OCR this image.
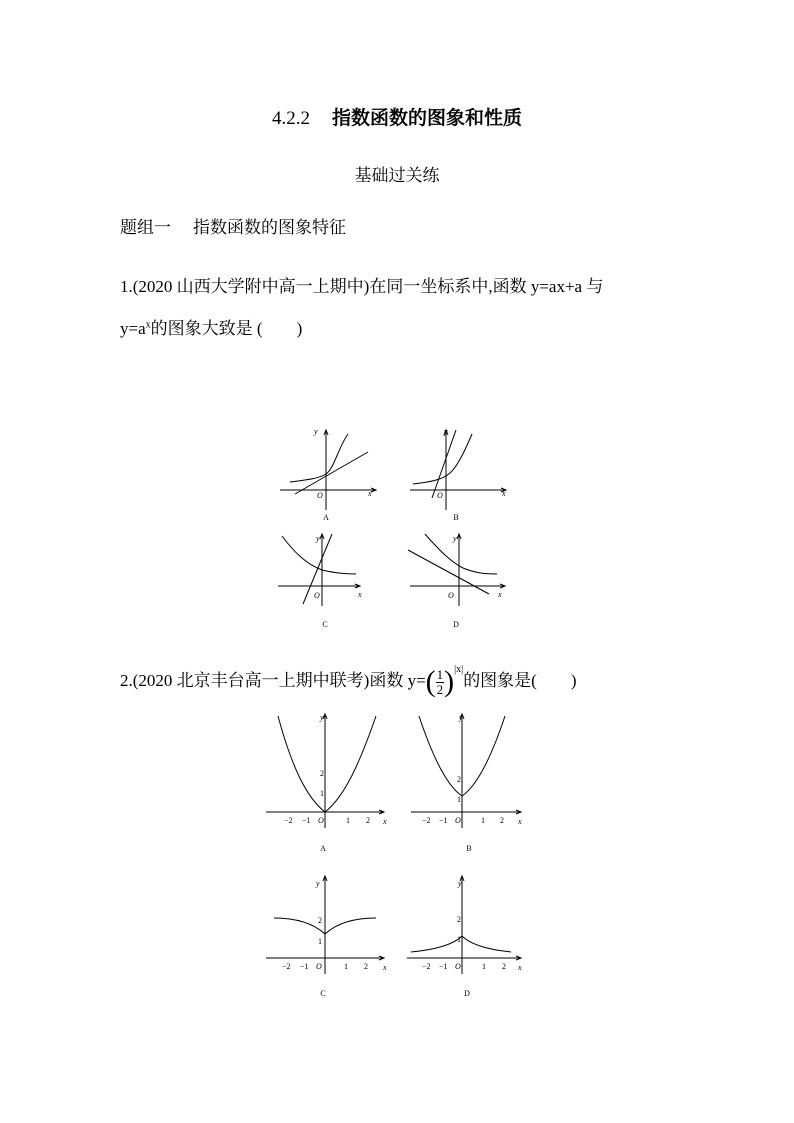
4.2.2 指数函数的图象和性质
基础过关练
题组一 指数函数的图象特征
1.(2020 山西大学附中高一上期中)在同一坐标系中,函数 y=ax+a 与
$y=a^x$的图象大致是 ( )
y
x
O
y
x
O
y
x
O
y
x
O
A	B
C	D
2.(2020 北京丰台高一上期中联考)函数 $y=( \frac{1}{2} )^{|x|}$的图象是( )
y
x
O
−2 −1	1 2
2
1
y
x
O
−2 −1	1 2
2
1
y
x
O
−2 −1	1 2
2
1
y
x
O
−2 −1	1 2
2
1
A	B
C	D
